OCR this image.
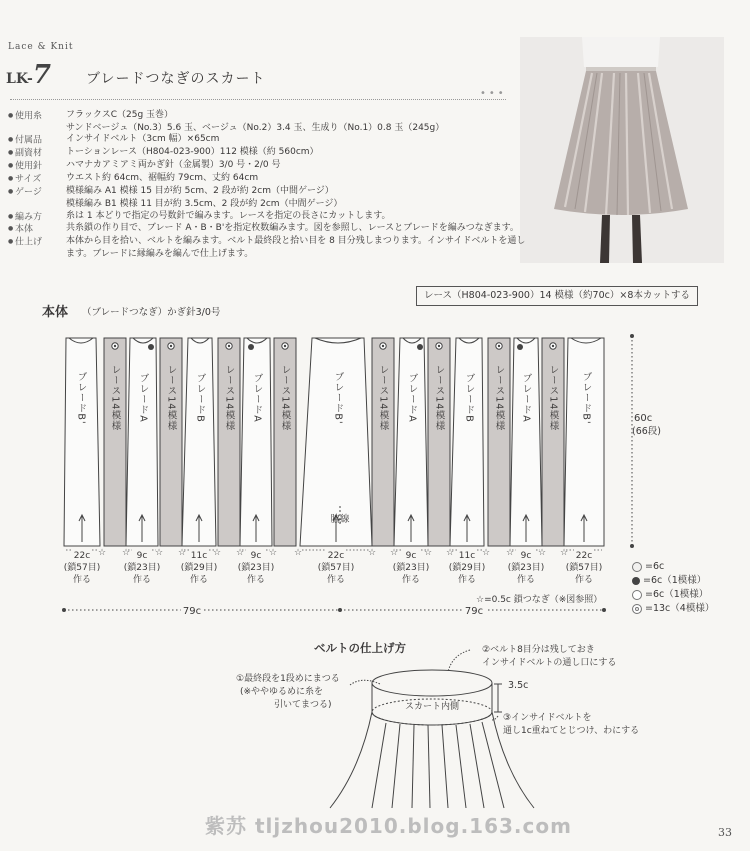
Lace & Knit
LK-7	ブレードつなぎのスカート
•••
● 使用糸	フラックスC（25g 玉巻）
サンドベージュ（No.3）5.6 玉、ベージュ（No.2）3.4 玉、生成り（No.1）0.8 玉（245g）
● 付属品	インサイドベルト（3cm 幅）×65cm
● 副資材	トーションレース（H804-023-900）112 模様（約 560cm）
● 使用針	ハマナカアミアミ両かぎ針（金属製）3/0 号・2/0 号
● サイズ	ウエスト約 64cm、裾幅約 79cm、丈約 64cm
● ゲージ	模様編み A1 模様 15 目が約 5cm、2 段が約 2cm（中間ゲージ）
模様編み B1 模様 11 目が約 3.5cm、2 段が約 2cm（中間ゲージ）
● 編み方	糸は 1 本どりで指定の号数針で編みます。レースを指定の長さにカットします。
● 本体	共糸鎖の作り目で、ブレード A・B・B'を指定枚数編みます。図を参照し、レースとブレードを編みつなぎます。
● 仕上げ	本体から目を拾い、ベルトを編みます。ベルト最終段と拾い目を 8 目分残しまつります。インサイドベルトを通し
ます。ブレードに縁編みを編んで仕上げます。
レース（H804-023-900）14 模様（約70c）×8本カットする
本体 （ブレードつなぎ）かぎ針3/0号
ブレードB' レース14模様 ブレードA レース14模様 ブレードB レース14模様 ブレードA レース14模様	ブレードB'	レース14模様 ブレードA レース14模様 ブレードB レース14模様 ブレードA レース14模様 ブレードB'
☆ ☆	☆ ☆	☆ ☆	☆ ☆	☆ ☆	☆ ☆	☆ ☆	☆ ☆
22c
(鎖57目)
作る
9c
(鎖23目)
作る
11c
(鎖29目)
作る
9c
(鎖23目)
作る
22c
(鎖57目)
作る
9c
(鎖23目)
作る
11c
(鎖29目)
作る
9c
(鎖23目)
作る
22c
(鎖57目)
作る
脇線
60c
(66段)
79c	79c
=6c
=6c（1模様）
=6c（1模様）
=13c（4模様）
☆=0.5c 鎖つなぎ（※図参照）
ベルトの仕上げ方
①最終段を1段めにまつる
(※ややゆるめに糸を
引いてまつる)
②ベルト8目分は残しておき
インサイドベルトの通し口にする
3.5c
スカート内側
③インサイドベルトを
通し1c重ねてとじつけ、わにする
紫苏 tljzhou2010.blog.163.com	33
